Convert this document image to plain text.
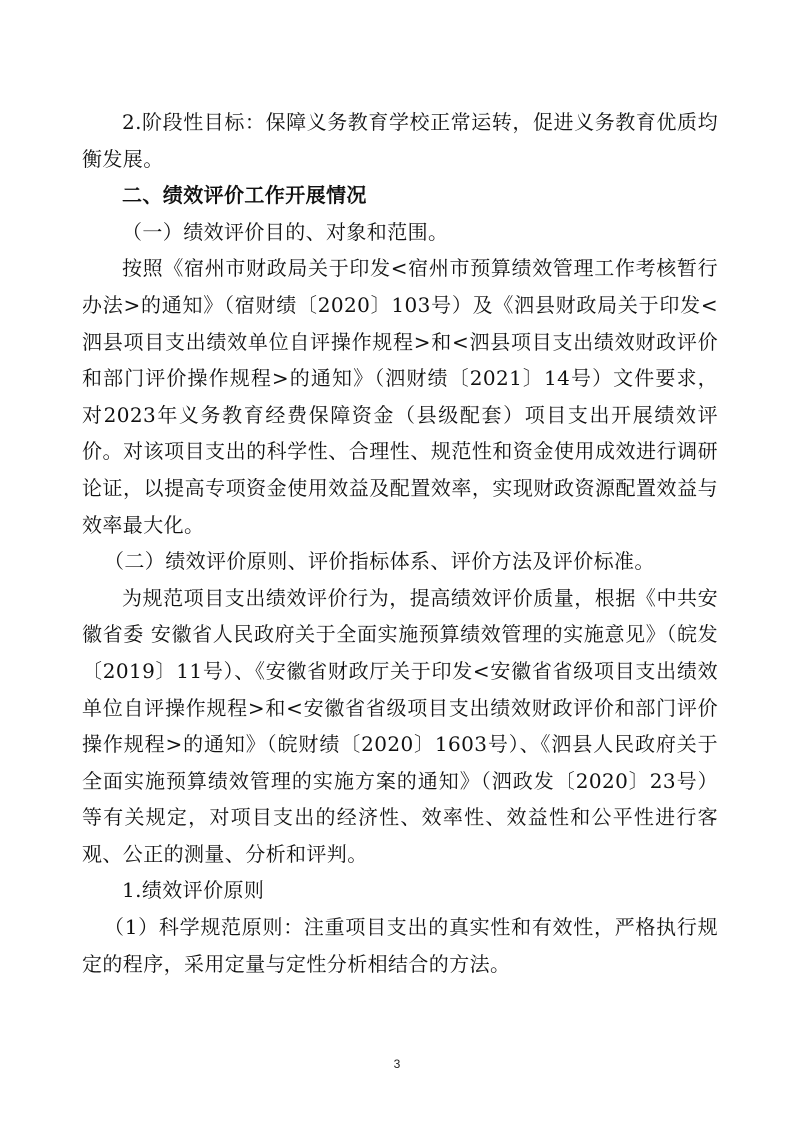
2.阶段性目标：保障义务教育学校正常运转，促进义务教育优质均衡发展。

二、绩效评价工作开展情况

（一）绩效评价目的、对象和范围。

按照《宿州市财政局关于印发<宿州市预算绩效管理工作考核暂行办法>的通知》（宿财绩〔2020〕103号）及《泗县财政局关于印发<泗县项目支出绩效单位自评操作规程>和<泗县项目支出绩效财政评价和部门评价操作规程>的通知》（泗财绩〔2021〕14号）文件要求，对2023年义务教育经费保障资金（县级配套）项目支出开展绩效评价。对该项目支出的科学性、合理性、规范性和资金使用成效进行调研论证，以提高专项资金使用效益及配置效率，实现财政资源配置效益与效率最大化。

（二）绩效评价原则、评价指标体系、评价方法及评价标准。

为规范项目支出绩效评价行为，提高绩效评价质量，根据《中共安徽省委 安徽省人民政府关于全面实施预算绩效管理的实施意见》（皖发〔2019〕11号）、《安徽省财政厅关于印发<安徽省省级项目支出绩效单位自评操作规程>和<安徽省省级项目支出绩效财政评价和部门评价操作规程>的通知》（皖财绩〔2020〕1603号）、《泗县人民政府关于全面实施预算绩效管理的实施方案的通知》（泗政发〔2020〕23号）等有关规定，对项目支出的经济性、效率性、效益性和公平性进行客观、公正的测量、分析和评判。

1.绩效评价原则

（1）科学规范原则：注重项目支出的真实性和有效性，严格执行规定的程序，采用定量与定性分析相结合的方法。

3
